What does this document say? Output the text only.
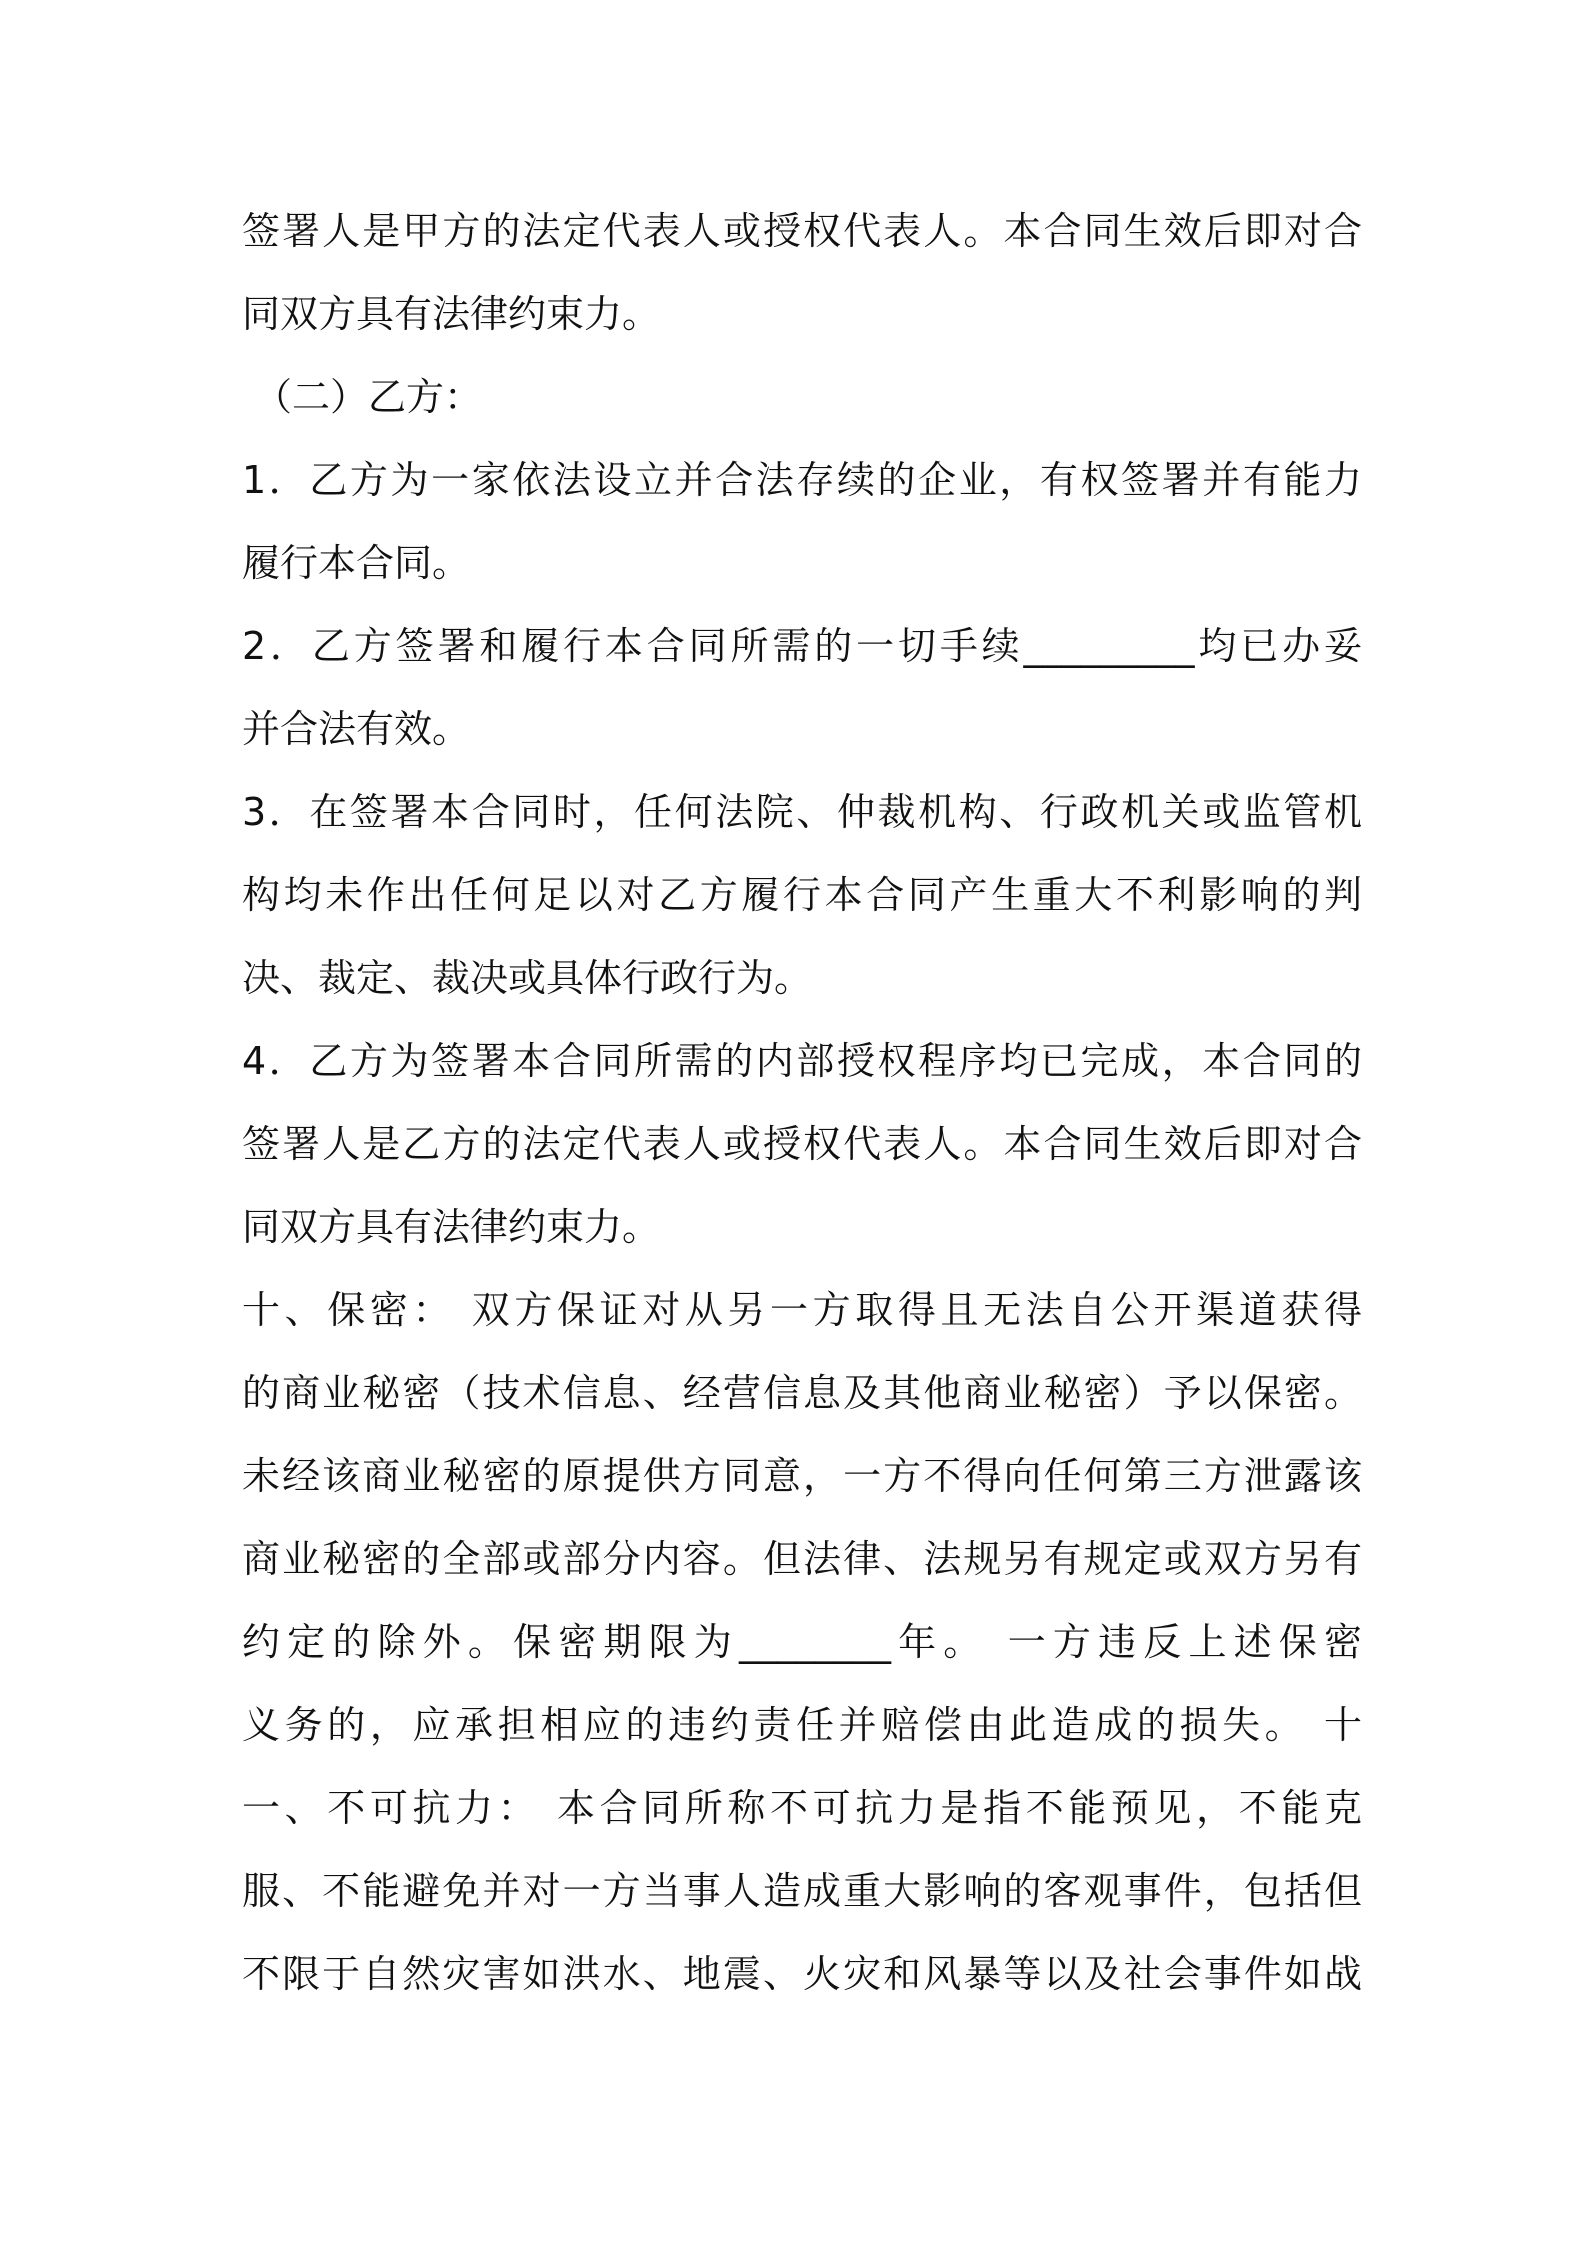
签署人是甲方的法定代表人或授权代表人。本合同生效后即对合
同双方具有法律约束力。
（二）乙方：
1．乙方为一家依法设立并合法存续的企业，有权签署并有能力
履行本合同。
2．乙方签署和履行本合同所需的一切手续_________均已办妥
并合法有效。
3．在签署本合同时，任何法院、仲裁机构、行政机关或监管机
构均未作出任何足以对乙方履行本合同产生重大不利影响的判
决、裁定、裁决或具体行政行为。
4．乙方为签署本合同所需的内部授权程序均已完成，本合同的
签署人是乙方的法定代表人或授权代表人。本合同生效后即对合
同双方具有法律约束力。
十、保密： 双方保证对从另一方取得且无法自公开渠道获得
的商业秘密（技术信息、经营信息及其他商业秘密）予以保密。
未经该商业秘密的原提供方同意，一方不得向任何第三方泄露该
商业秘密的全部或部分内容。但法律、法规另有规定或双方另有
约定的除外。保密期限为________年。 一方违反上述保密
义务的，应承担相应的违约责任并赔偿由此造成的损失。 十
一、不可抗力： 本合同所称不可抗力是指不能预见，不能克
服、不能避免并对一方当事人造成重大影响的客观事件，包括但
不限于自然灾害如洪水、地震、火灾和风暴等以及社会事件如战
